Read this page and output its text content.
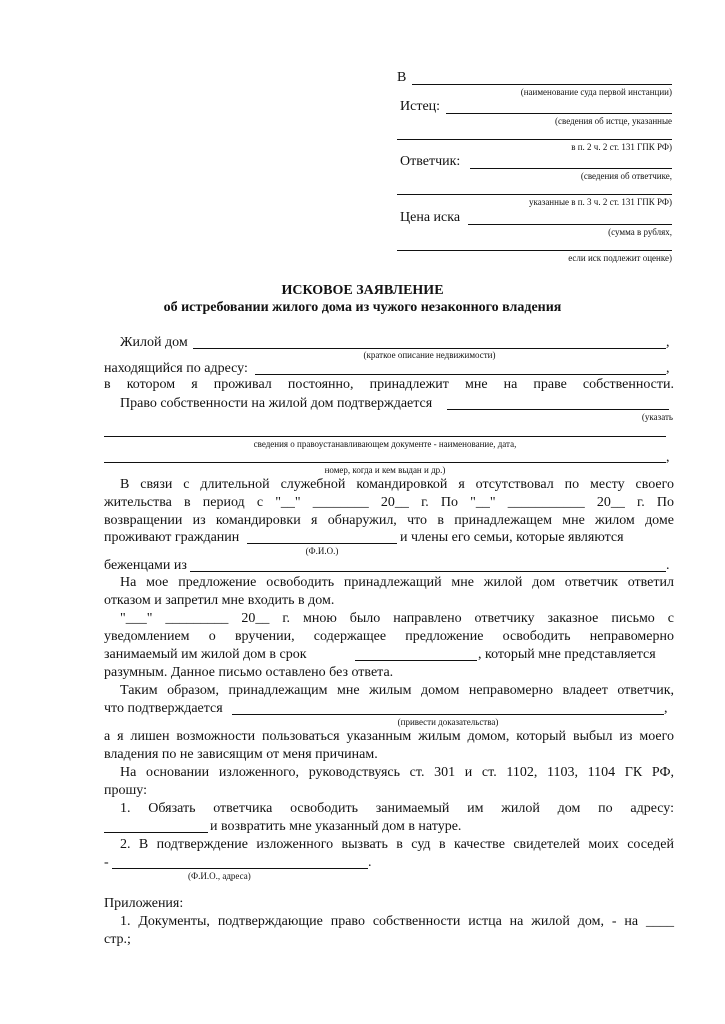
В
(наименование суда первой инстанции)
Истец:
(сведения об истце, указанные
в п. 2 ч. 2 ст. 131 ГПК РФ)
Ответчик:
(сведения об ответчике,
указанные в п. 3 ч. 2 ст. 131 ГПК РФ)
Цена иска
(сумма в рублях,
если иск подлежит оценке)
ИСКОВОЕ ЗАЯВЛЕНИЕ
об истребовании жилого дома из чужого незаконного владения
Жилой дом	,
(краткое описание недвижимости)
находящийся по адресу:	,
в котором я проживал постоянно, принадлежит мне на праве собственности.
Право собственности на жилой дом подтверждается
(указать
сведения о правоустанавливающем документе - наименование, дата,
,
номер, когда и кем выдан и др.)
В связи с длительной служебной командировкой я отсутствовал по месту своего
жительства в период с "__" ________ 20__ г. По "__" ___________ 20__ г. По
возвращении из командировки я обнаружил, что в принадлежащем мне жилом доме
проживают гражданин	и члены его семьи, которые являются
(Ф.И.О.)
беженцами из	.
На мое предложение освободить принадлежащий мне жилой дом ответчик ответил
отказом и запретил мне входить в дом.
"___" _________ 20__ г. мною было направлено ответчику заказное письмо с
уведомлением о вручении, содержащее предложение освободить неправомерно
занимаемый им жилой дом в срок	, который мне представляется
разумным. Данное письмо оставлено без ответа.
Таким образом, принадлежащим мне жилым домом неправомерно владеет ответчик,
что подтверждается	,
(привести доказательства)
а я лишен возможности пользоваться указанным жилым домом, который выбыл из моего
владения по не зависящим от меня причинам.
На основании изложенного, руководствуясь ст. 301 и ст. 1102, 1103, 1104 ГК РФ,
прошу:
1. Обязать ответчика освободить занимаемый им жилой дом по адресу:
и возвратить мне указанный дом в натуре.
2. В подтверждение изложенного вызвать в суд в качестве свидетелей моих соседей
-	.
(Ф.И.О., адреса)
Приложения:
1. Документы, подтверждающие право собственности истца на жилой дом, - на ____
стр.;
